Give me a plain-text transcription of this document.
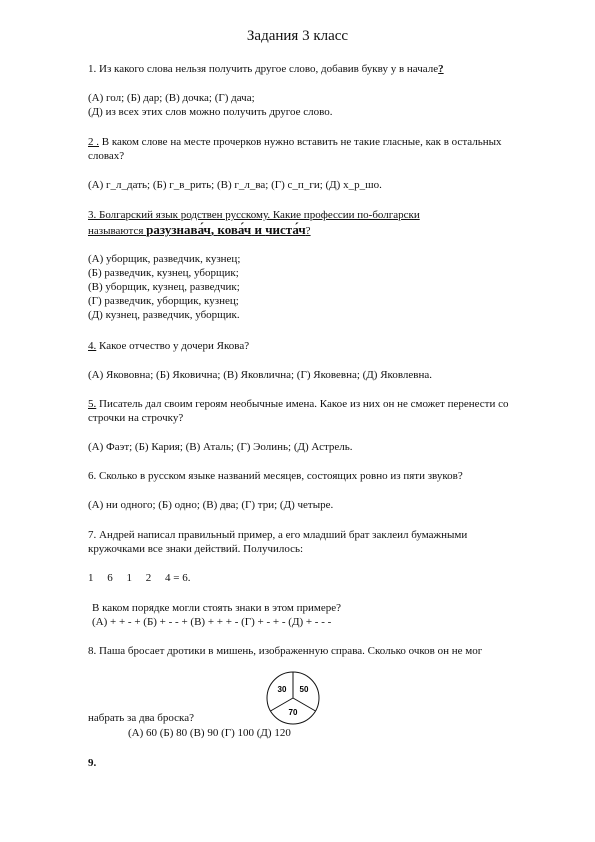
Задания 3 класс
1. Из какого слова нельзя получить другое слово, добавив букву у в начале?
(А) гол; (Б) дар; (В) дочка; (Г) дача;
(Д) из всех этих слов можно получить другое слово.
2 . В каком слове на месте прочерков нужно вставить не такие гласные, как в остальных
словах?
(А) г_л_дать; (Б) г_в_рить; (В) г_л_ва; (Г) с_п_ги; (Д) х_р_шо.
3. Болгарский язык родствен русскому. Какие профессии по-болгарски
называются разузнава́ч, кова́ч и чиста́ч?
(А) уборщик, разведчик, кузнец;
(Б) разведчик, кузнец, уборщик;
(В) уборщик, кузнец, разведчик;
(Г) разведчик, уборщик, кузнец;
(Д) кузнец, разведчик, уборщик.
4. Какое отчество у дочери Якова?
(А) Якововна; (Б) Яковична; (В) Яковлична; (Г) Яковевна; (Д) Яковлевна.
5. Писатель дал своим героям необычные имена. Какое из них он не сможет перенести со
строчки на строчку?
(А) Фаэт; (Б) Кария; (В) Аталь; (Г) Эолинь; (Д) Астрель.
6. Сколько в русском языке названий месяцев, состоящих ровно из пяти звуков?
(А) ни одного; (Б) одно; (В) два; (Г) три; (Д) четыре.
7. Андрей написал правильный пример, а его младший брат заклеил бумажными
кружочками все знаки действий. Получилось:
1     6     1     2     4 = 6.
В каком порядке могли стоять знаки в этом примере?
(А) + + - + (Б) + - - + (В) + + + - (Г) + - + - (Д) + - - -
8. Паша бросает дротики в мишень, изображенную справа. Сколько очков он не мог
30 50
70
набрать за два броска?
(А) 60 (Б) 80 (В) 90 (Г) 100 (Д) 120
9.
